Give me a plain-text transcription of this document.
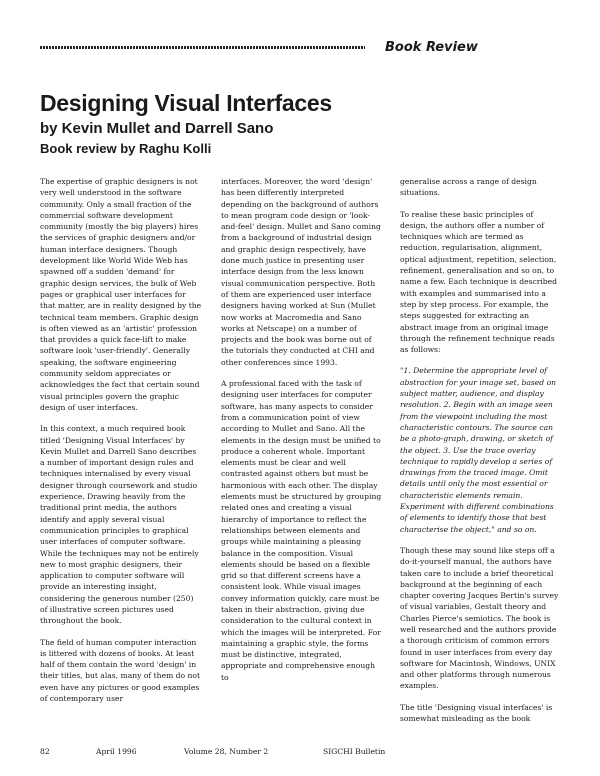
Book Review
Designing Visual Interfaces
by Kevin Mullet and Darrell Sano
Book review by Raghu Kolli

The expertise of graphic designers is not very well understood in the software community. Only a small fraction of the commercial software development community (mostly the big players) hires the services of graphic designers and/or human interface designers. Though development like World Wide Web has spawned off a sudden 'demand' for graphic design services, the bulk of Web pages or graphical user interfaces for that matter, are in reality designed by the technical team members. Graphic design is often viewed as an 'artistic' profession that provides a quick face-lift to make software look 'user-friendly'. Generally speaking, the software engineering community seldom appreciates or acknowledges the fact that certain sound visual principles govern the graphic design of user interfaces.

In this context, a much required book titled 'Designing Visual Interfaces' by Kevin Mullet and Darrell Sano describes a number of important design rules and techniques internalised by every visual designer through coursework and studio experience. Drawing heavily from the traditional print media, the authors identify and apply several visual communication principles to graphical user interfaces of computer software. While the techniques may not be entirely new to most graphic designers, their application to computer software will provide an interesting insight, considering the generous number (250) of illustrative screen pictures used throughout the book.

The field of human computer interaction is littered with dozens of books. At least half of them contain the word 'design' in their titles, but alas, many of them do not even have any pictures or good examples of contemporary user

interfaces. Moreover, the word 'design' has been differently interpreted depending on the background of authors to mean program code design or 'look-and-feel' design. Mullet and Sano coming from a background of industrial design and graphic design respectively, have done much justice in presenting user interface design from the less known visual communication perspective. Both of them are experienced user interface designers having worked at Sun (Mullet now works at Macromedia and Sano works at Netscape) on a number of projects and the book was borne out of the tutorials they conducted at CHI and other conferences since 1993.

A professional faced with the task of designing user interfaces for computer software, has many aspects to consider from a communication point of view according to Mullet and Sano. All the elements in the design must be unified to produce a coherent whole. Important elements must be clear and well contrasted against others but must be harmonious with each other. The display elements must be structured by grouping related ones and creating a visual hierarchy of importance to reflect the relationships between elements and groups while maintaining a pleasing balance in the composition. Visual elements should be based on a flexible grid so that different screens have a consistent look. While visual images convey information quickly, care must be taken in their abstraction, giving due consideration to the cultural context in which the images will be interpreted. For maintaining a graphic style, the forms must be distinctive, integrated, appropriate and comprehensive enough to

generalise across a range of design situations.

To realise these basic principles of design, the authors offer a number of techniques which are termed as reduction, regularisation, alignment, optical adjustment, repetition, selection, refinement, generalisation and so on, to name a few. Each technique is described with examples and summarised into a step by step process. For example, the steps suggested for extracting an abstract image from an original image through the refinement technique reads as follows:

"1. Determine the appropriate level of abstraction for your image set, based on subject matter, audience, and display resolution. 2. Begin with an image seen from the viewpoint including the most characteristic contours. The source can be a photo-graph, drawing, or sketch of the object. 3. Use the trace overlay technique to rapidly develop a series of drawings from the traced image. Omit details until only the most essential or characteristic elements remain. Experiment with different combinations of elements to identify those that best characterise the object," and so on.

Though these may sound like steps off a do-it-yourself manual, the authors have taken care to include a brief theoretical background at the beginning of each chapter covering Jacques Bertin's survey of visual variables, Gestalt theory and Charles Pierce's semiotics. The book is well researched and the authors provide a thorough criticism of common errors found in user interfaces from every day software for Macintosh, Windows, UNIX and other platforms through numerous examples.

The title 'Designing visual interfaces' is somewhat misleading as the book

82	April 1996	Volume 28, Number 2	SIGCHI Bulletin
